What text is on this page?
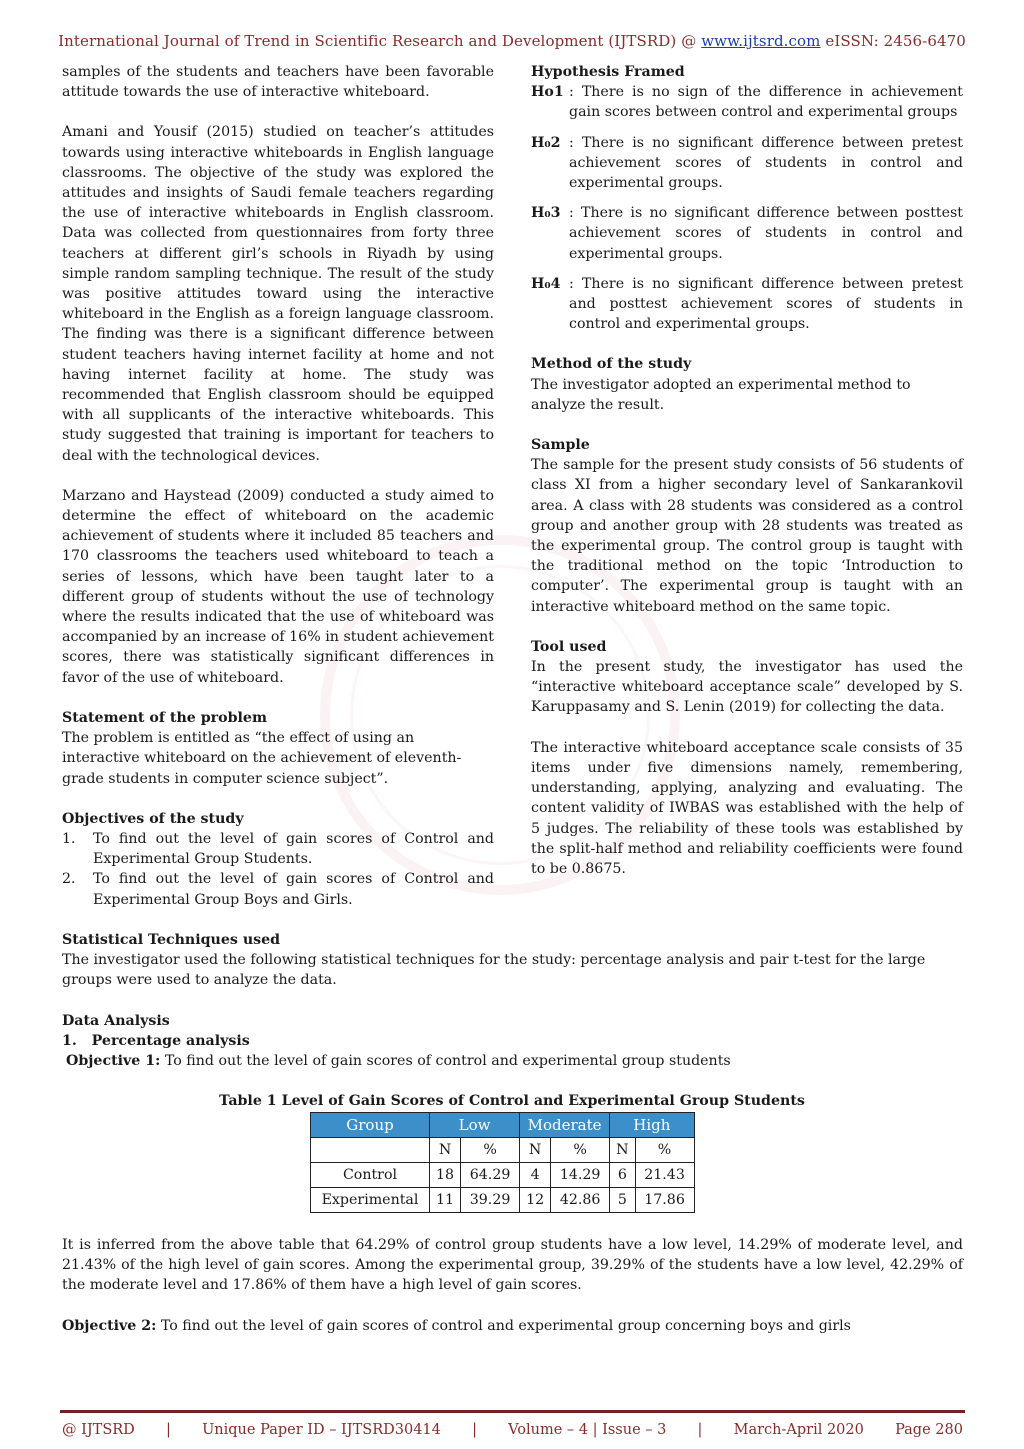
International Journal of Trend in Scientific Research and Development (IJTSRD) @ www.ijtsrd.com eISSN: 2456-6470

samples of the students and teachers have been favorable attitude towards the use of interactive whiteboard.

Amani and Yousif (2015) studied on teacher’s attitudes towards using interactive whiteboards in English language classrooms. The objective of the study was explored the attitudes and insights of Saudi female teachers regarding the use of interactive whiteboards in English classroom. Data was collected from questionnaires from forty three teachers at different girl’s schools in Riyadh by using simple random sampling technique. The result of the study was positive attitudes toward using the interactive whiteboard in the English as a foreign language classroom. The finding was there is a significant difference between student teachers having internet facility at home and not having internet facility at home. The study was recommended that English classroom should be equipped with all supplicants of the interactive whiteboards. This study suggested that training is important for teachers to deal with the technological devices.

Marzano and Haystead (2009) conducted a study aimed to determine the effect of whiteboard on the academic achievement of students where it included 85 teachers and 170 classrooms the teachers used whiteboard to teach a series of lessons, which have been taught later to a different group of students without the use of technology where the results indicated that the use of whiteboard was accompanied by an increase of 16% in student achievement scores, there was statistically significant differences in favor of the use of whiteboard.

Statement of the problem

The problem is entitled as “the effect of using an interactive whiteboard on the achievement of eleventh-grade students in computer science subject”.

Objectives of the study

1.	To find out the level of gain scores of Control and Experimental Group Students.
2.	To find out the level of gain scores of Control and Experimental Group Boys and Girls.

Hypothesis Framed

Ho1 : There is no sign of the difference in achievement gain scores between control and experimental groups
H₀2 : There is no significant difference between pretest achievement scores of students in control and experimental groups.
H₀3 : There is no significant difference between posttest achievement scores of students in control and experimental groups.
H₀4 : There is no significant difference between pretest and posttest achievement scores of students in control and experimental groups.

Method of the study

The investigator adopted an experimental method to analyze the result.

Sample

The sample for the present study consists of 56 students of class XI from a higher secondary level of Sankarankovil area. A class with 28 students was considered as a control group and another group with 28 students was treated as the experimental group. The control group is taught with the traditional method on the topic ‘Introduction to computer’. The experimental group is taught with an interactive whiteboard method on the same topic.

Tool used

In the present study, the investigator has used the “interactive whiteboard acceptance scale” developed by S. Karuppasamy and S. Lenin (2019) for collecting the data.

The interactive whiteboard acceptance scale consists of 35 items under five dimensions namely, remembering, understanding, applying, analyzing and evaluating. The content validity of IWBAS was established with the help of 5 judges. The reliability of these tools was established by the split-half method and reliability coefficients were found to be 0.8675.

Statistical Techniques used

The investigator used the following statistical techniques for the study: percentage analysis and pair t-test for the large groups were used to analyze the data.

Data Analysis

1.   Percentage analysis

Objective 1: To find out the level of gain scores of control and experimental group students

Table 1 Level of Gain Scores of Control and Experimental Group Students
Group	Low		Moderate		High	
	N	%	N	%	N	%
Control	18	64.29	4	14.29	6	21.43
Experimental	11	39.29	12	42.86	5	17.86

It is inferred from the above table that 64.29% of control group students have a low level, 14.29% of moderate level, and 21.43% of the high level of gain scores. Among the experimental group, 39.29% of the students have a low level, 42.29% of the moderate level and 17.86% of them have a high level of gain scores.

Objective 2: To find out the level of gain scores of control and experimental group concerning boys and girls

@ IJTSRD | Unique Paper ID – IJTSRD30414 | Volume – 4 | Issue – 3 | March-April 2020 Page 280
